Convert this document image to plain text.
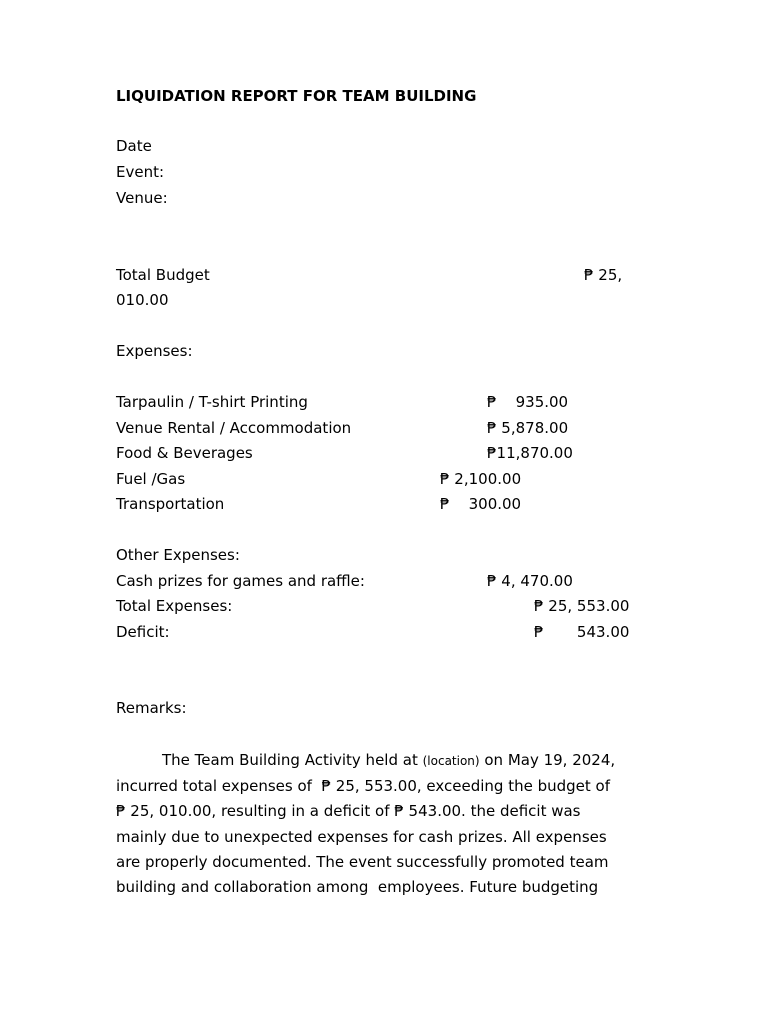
LIQUIDATION REPORT FOR TEAM BUILDING
Date
Event:
Venue:
Total Budget	₱ 25,
010.00
Expenses:
Tarpaulin / T-shirt Printing	₱    935.00
Venue Rental / Accommodation	₱ 5,878.00
Food & Beverages	₱11,870.00
Fuel /Gas	₱ 2,100.00
Transportation	₱    300.00
Other Expenses:
Cash prizes for games and raffle:	₱ 4, 470.00
Total Expenses:	₱ 25, 553.00
Deficit:	₱       543.00
Remarks:
The Team Building Activity held at (location) on May 19, 2024,
incurred total expenses of  ₱ 25, 553.00, exceeding the budget of
₱ 25, 010.00, resulting in a deficit of ₱ 543.00. the deficit was
mainly due to unexpected expenses for cash prizes. All expenses
are properly documented. The event successfully promoted team
building and collaboration among  employees. Future budgeting
